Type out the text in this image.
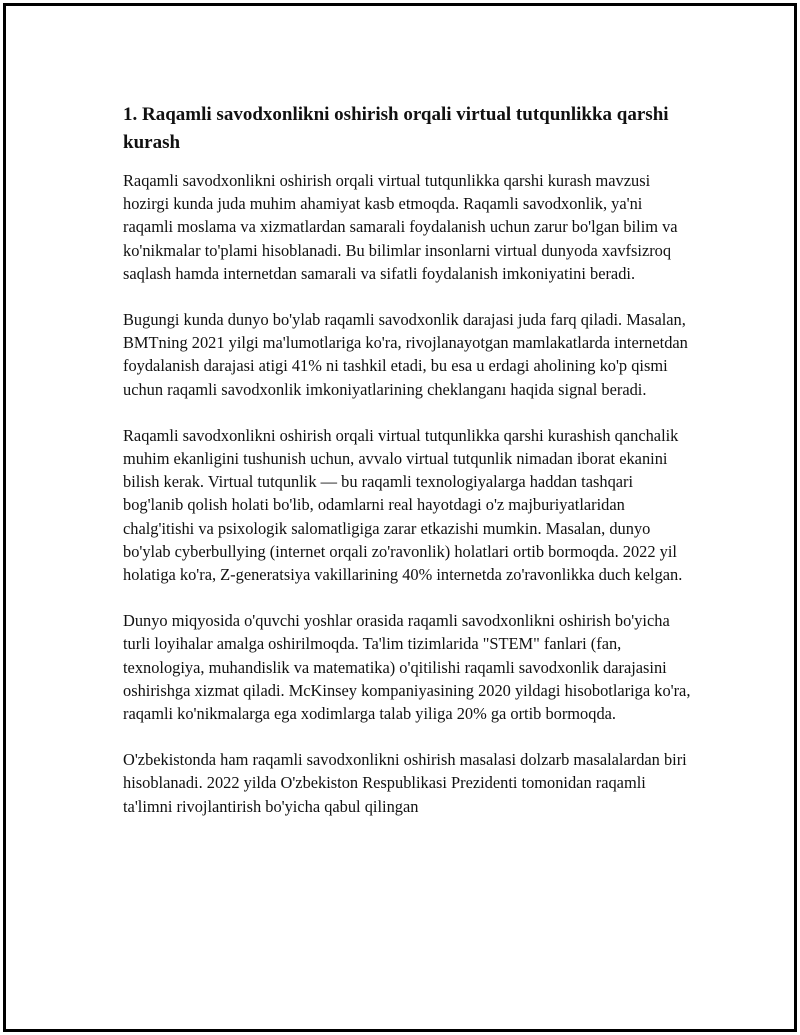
1. Raqamli savodxonlikni oshirish orqali virtual tutqunlikka qarshi kurash

Raqamli savodxonlikni oshirish orqali virtual tutqunlikka qarshi kurash mavzusi hozirgi kunda juda muhim ahamiyat kasb etmoqda. Raqamli savodxonlik, ya'ni raqamli moslama va xizmatlardan samarali foydalanish uchun zarur bo'lgan bilim va ko'nikmalar to'plami hisoblanadi. Bu bilimlar insonlarni virtual dunyoda xavfsizroq saqlash hamda internetdan samarali va sifatli foydalanish imkoniyatini beradi.

Bugungi kunda dunyo bo'ylab raqamli savodxonlik darajasi juda farq qiladi. Masalan, BMTning 2021 yilgi ma'lumotlariga ko'ra, rivojlanayotgan mamlakatlarda internetdan foydalanish darajasi atigi 41% ni tashkil etadi, bu esa u erdagi aholining ko'p qismi uchun raqamli savodxonlik imkoniyatlarining cheklanganı haqida signal beradi.

Raqamli savodxonlikni oshirish orqali virtual tutqunlikka qarshi kurashish qanchalik muhim ekanligini tushunish uchun, avvalo virtual tutqunlik nimadan iborat ekanini bilish kerak. Virtual tutqunlik — bu raqamli texnologiyalarga haddan tashqari bog'lanib qolish holati bo'lib, odamlarni real hayotdagi o'z majburiyatlaridan chalg'itishi va psixologik salomatligiga zarar etkazishi mumkin. Masalan, dunyo bo'ylab cyberbullying (internet orqali zo'ravonlik) holatlari ortib bormoqda. 2022 yil holatiga ko'ra, Z-generatsiya vakillarining 40% internetda zo'ravonlikka duch kelgan.

Dunyo miqyosida o'quvchi yoshlar orasida raqamli savodxonlikni oshirish bo'yicha turli loyihalar amalga oshirilmoqda. Ta'lim tizimlarida "STEM" fanlari (fan, texnologiya, muhandislik va matematika) o'qitilishi raqamli savodxonlik darajasini oshirishga xizmat qiladi. McKinsey kompaniyasining 2020 yildagi hisobotlariga ko'ra, raqamli ko'nikmalarga ega xodimlarga talab yiliga 20% ga ortib bormoqda.

O'zbekistonda ham raqamli savodxonlikni oshirish masalasi dolzarb masalalardan biri hisoblanadi. 2022 yilda O'zbekiston Respublikasi Prezidenti tomonidan raqamli ta'limni rivojlantirish bo'yicha qabul qilingan
